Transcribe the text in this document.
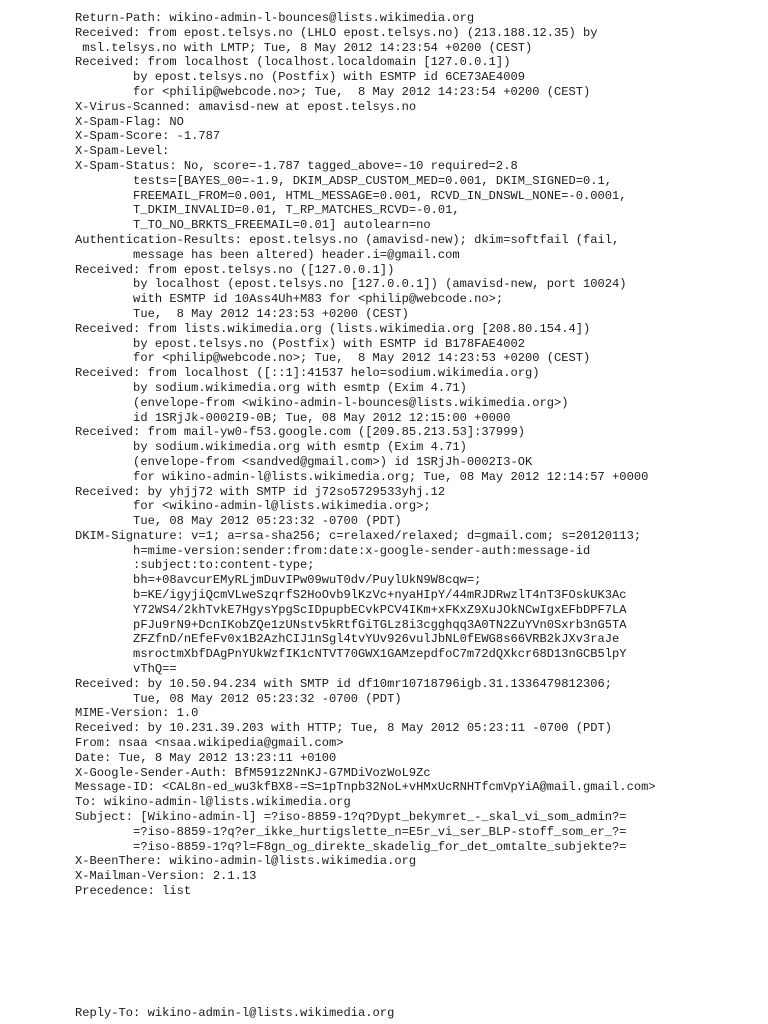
Return-Path: wikino-admin-l-bounces@lists.wikimedia.org
Received: from epost.telsys.no (LHLO epost.telsys.no) (213.188.12.35) by
msl.telsys.no with LMTP; Tue, 8 May 2012 14:23:54 +0200 (CEST)
Received: from localhost (localhost.localdomain [127.0.0.1])
by epost.telsys.no (Postfix) with ESMTP id 6CE73AE4009
for <philip@webcode.no>; Tue,  8 May 2012 14:23:54 +0200 (CEST)
X-Virus-Scanned: amavisd-new at epost.telsys.no
X-Spam-Flag: NO
X-Spam-Score: -1.787
X-Spam-Level:
X-Spam-Status: No, score=-1.787 tagged_above=-10 required=2.8
tests=[BAYES_00=-1.9, DKIM_ADSP_CUSTOM_MED=0.001, DKIM_SIGNED=0.1,
FREEMAIL_FROM=0.001, HTML_MESSAGE=0.001, RCVD_IN_DNSWL_NONE=-0.0001,
T_DKIM_INVALID=0.01, T_RP_MATCHES_RCVD=-0.01,
T_TO_NO_BRKTS_FREEMAIL=0.01] autolearn=no
Authentication-Results: epost.telsys.no (amavisd-new); dkim=softfail (fail,
message has been altered) header.i=@gmail.com
Received: from epost.telsys.no ([127.0.0.1])
by localhost (epost.telsys.no [127.0.0.1]) (amavisd-new, port 10024)
with ESMTP id 10Ass4Uh+M83 for <philip@webcode.no>;
Tue,  8 May 2012 14:23:53 +0200 (CEST)
Received: from lists.wikimedia.org (lists.wikimedia.org [208.80.154.4])
by epost.telsys.no (Postfix) with ESMTP id B178FAE4002
for <philip@webcode.no>; Tue,  8 May 2012 14:23:53 +0200 (CEST)
Received: from localhost ([::1]:41537 helo=sodium.wikimedia.org)
by sodium.wikimedia.org with esmtp (Exim 4.71)
(envelope-from <wikino-admin-l-bounces@lists.wikimedia.org>)
id 1SRjJk-0002I9-0B; Tue, 08 May 2012 12:15:00 +0000
Received: from mail-yw0-f53.google.com ([209.85.213.53]:37999)
by sodium.wikimedia.org with esmtp (Exim 4.71)
(envelope-from <sandved@gmail.com>) id 1SRjJh-0002I3-OK
for wikino-admin-l@lists.wikimedia.org; Tue, 08 May 2012 12:14:57 +0000
Received: by yhjj72 with SMTP id j72so5729533yhj.12
for <wikino-admin-l@lists.wikimedia.org>;
Tue, 08 May 2012 05:23:32 -0700 (PDT)
DKIM-Signature: v=1; a=rsa-sha256; c=relaxed/relaxed; d=gmail.com; s=20120113;
h=mime-version:sender:from:date:x-google-sender-auth:message-id
:subject:to:content-type;
bh=+08avcurEMyRLjmDuvIPw09wuT0dv/PuylUkN9W8cqw=;
b=KE/igyjiQcmVLweSzqrfS2HoOvb9lKzVc+nyaHIpY/44mRJDRwzlT4nT3FOskUK3Ac
Y72WS4/2khTvkE7HgysYpgScIDpupbECvkPCV4IKm+xFKxZ9XuJOkNCwIgxEFbDPF7LA
pFJu9rN9+DcnIKobZQe1zUNstv5kRtfGiTGLz8i3cgghqq3A0TN2ZuYVn0Sxrb3nG5TA
ZFZfnD/nEfeFv0x1B2AzhCIJ1nSgl4tvYUv926vulJbNL0fEWG8s66VRB2kJXv3raJe
msroctmXbfDAgPnYUkWzfIK1cNTVT70GWX1GAMzepdfoC7m72dQXkcr68D13nGCB5lpY
vThQ==
Received: by 10.50.94.234 with SMTP id df10mr10718796igb.31.1336479812306;
Tue, 08 May 2012 05:23:32 -0700 (PDT)
MIME-Version: 1.0
Received: by 10.231.39.203 with HTTP; Tue, 8 May 2012 05:23:11 -0700 (PDT)
From: nsaa <nsaa.wikipedia@gmail.com>
Date: Tue, 8 May 2012 13:23:11 +0100
X-Google-Sender-Auth: BfM591z2NnKJ-G7MDiVozWoL9Zc
Message-ID: <CAL8n-ed_wu3kfBX8-=S=1pTnpb32NoL+vHMxUcRNHTfcmVpYiA@mail.gmail.com>
To: wikino-admin-l@lists.wikimedia.org
Subject: [Wikino-admin-l] =?iso-8859-1?q?Dypt_bekymret_-_skal_vi_som_admin?=
=?iso-8859-1?q?er_ikke_hurtigslette_n=E5r_vi_ser_BLP-stoff_som_er_?=
=?iso-8859-1?q?l=F8gn_og_direkte_skadelig_for_det_omtalte_subjekte?=
X-BeenThere: wikino-admin-l@lists.wikimedia.org
X-Mailman-Version: 2.1.13
Precedence: list
Reply-To: wikino-admin-l@lists.wikimedia.org
